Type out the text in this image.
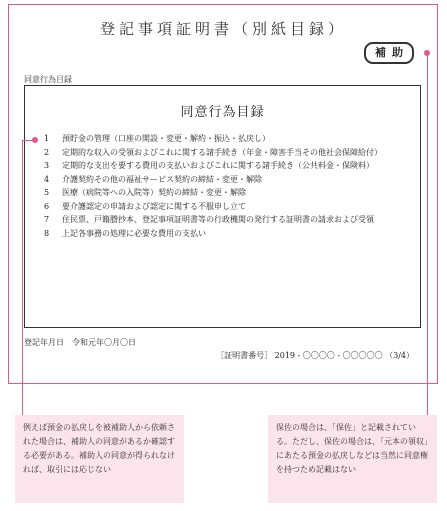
登記事項証明書（別紙目録）
補助
同意行為目録
同意行為目録
1	預貯金の管理（口座の開設・変更・解約・振込・払戻し）
2	定期的な収入の受領およびこれに関する諸手続き（年金・障害手当その他社会保障給付）
3	定期的な支出を要する費用の支払いおよびこれに関する諸手続き（公共料金・保険料）
4	介護契約その他の福祉サービス契約の締結・変更・解除
5	医療（病院等への入院等）契約の締結・変更・解除
6	要介護認定の申請および認定に関する不服申し立て
7	住民票、戸籍謄抄本、登記事項証明書等の行政機関の発行する証明書の請求および受領
8	上記各事務の処理に必要な費用の支払い
登記年月日　令和元年〇月〇日
［証明書番号］ 2019 - 〇〇〇〇 - 〇〇〇〇〇 （3/4）
例えば預金の払戻しを被補助人から依頼された場合は、補助人の同意があるか確認する必要がある。補助人の同意が得られなければ、取引には応じない
保佐の場合は、「保佐」と記載されている。ただし、保佐の場合は、「元本の領収」にあたる預金の払戻しなどは当然に同意権を持つため記載はない
